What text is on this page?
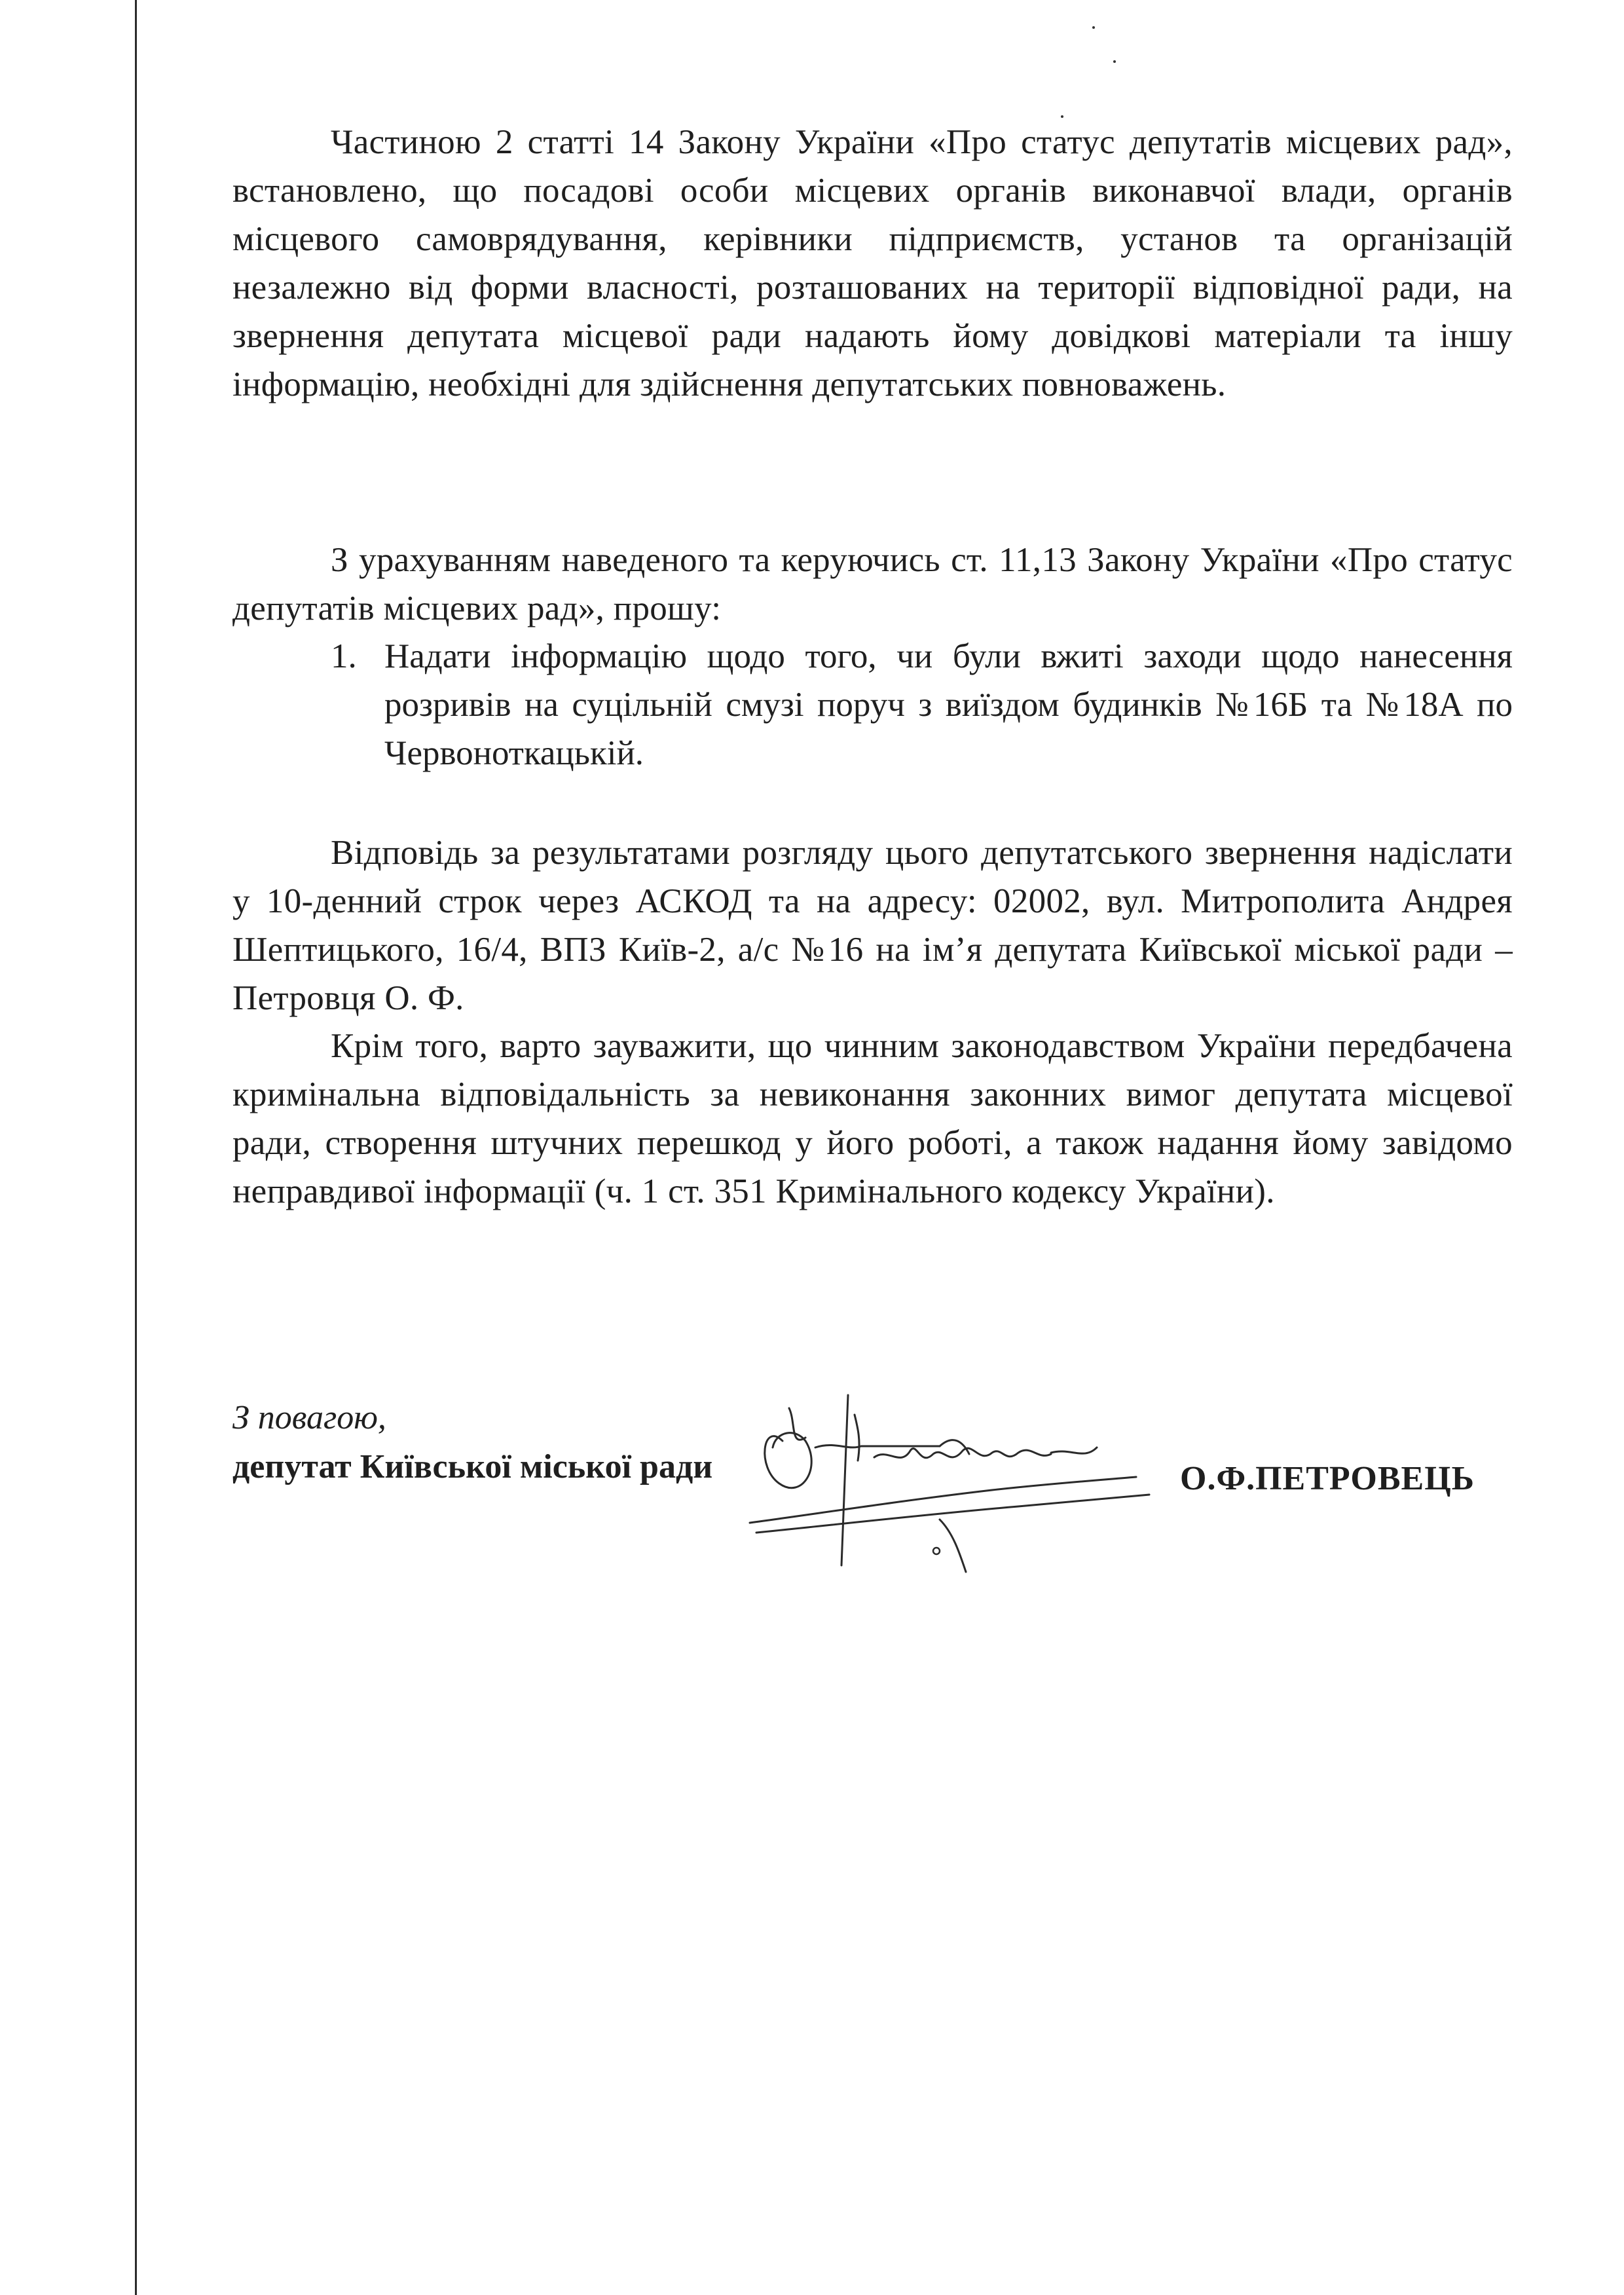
Частиною 2 статті 14 Закону України «Про статус депутатів місцевих рад», встановлено, що посадові особи місцевих органів виконавчої влади, органів місцевого самоврядування, керівники підприємств, установ та організацій незалежно від форми власності, розташованих на території відповідної ради, на звернення депутата місцевої ради надають йому довідкові матеріали та іншу інформацію, необхідні для здійснення депутатських повноважень.

З урахуванням наведеного та керуючись ст. 11,13 Закону України «Про статус депутатів місцевих рад», прошу:

1. Надати інформацію щодо того, чи були вжиті заходи щодо нанесення розривів на суцільній смузі поруч з виїздом будинків №16Б та №18А по Червоноткацькій.

Відповідь за результатами розгляду цього депутатського звернення надіслати у 10-денний строк через АСКОД та на адресу: 02002, вул. Митрополита Андрея Шептицького, 16/4, ВПЗ Київ-2, а/с №16 на ім’я депутата Київської міської ради – Петровця О. Ф.

Крім того, варто зауважити, що чинним законодавством України передбачена кримінальна відповідальність за невиконання законних вимог депутата місцевої ради, створення штучних перешкод у його роботі, а також надання йому завідомо неправдивої інформації (ч. 1 ст. 351 Кримінального кодексу України).

З повагою,
депутат Київської міської ради	О.Ф.ПЕТРОВЕЦЬ
